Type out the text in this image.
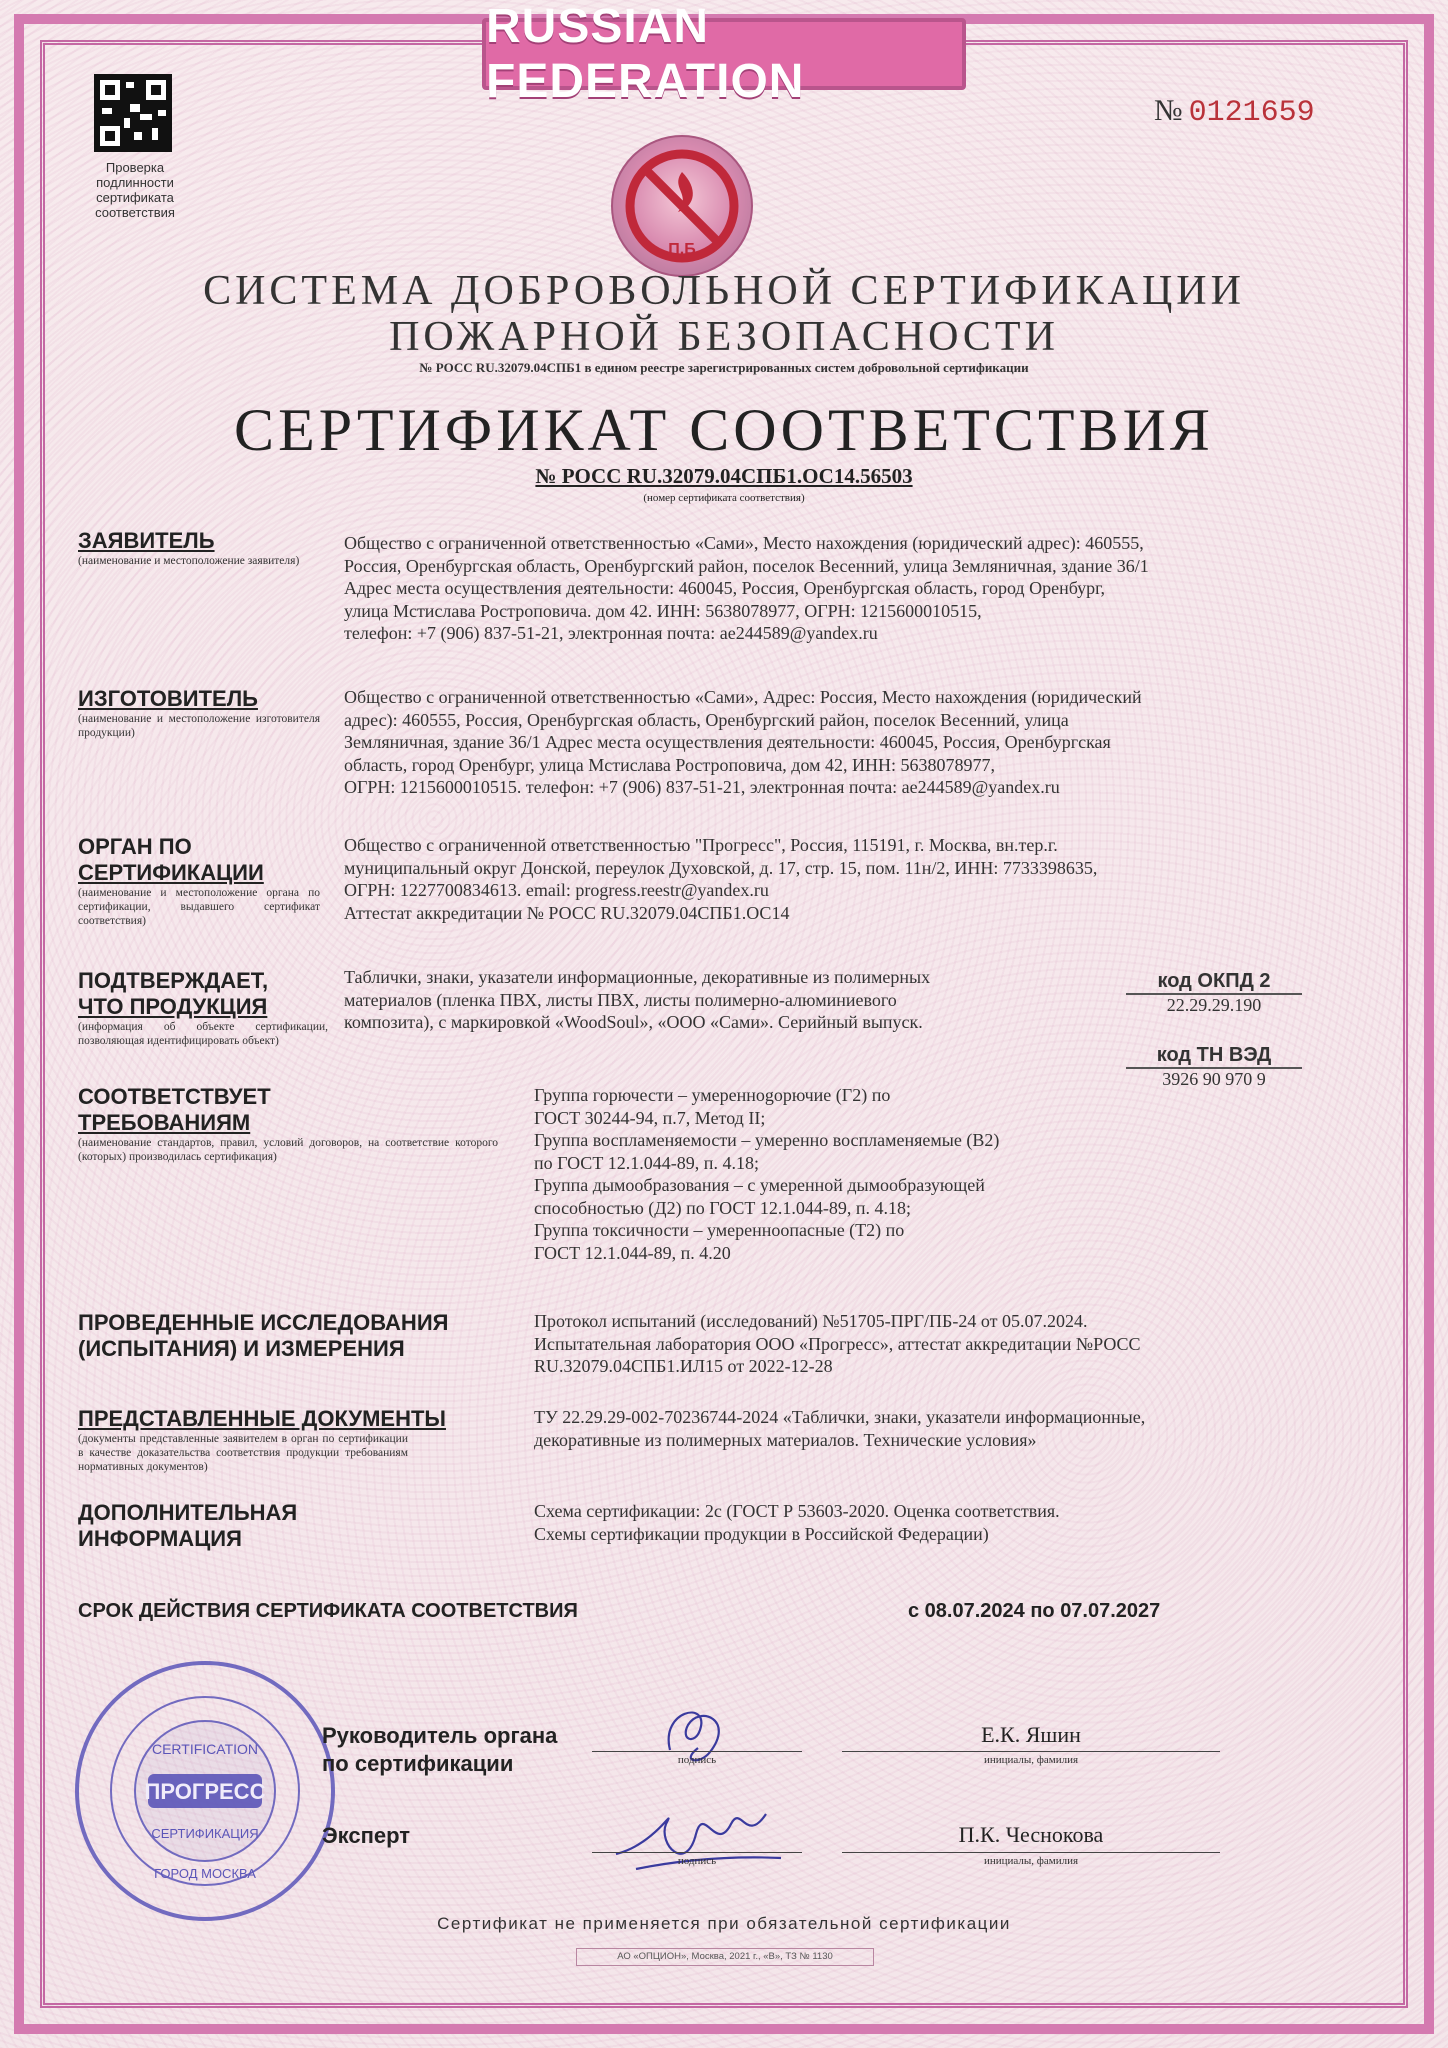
RUSSIAN FEDERATION
№ 0121659
Проверка подлинности сертификата соответствия
П.Б
СИСТЕМА ДОБРОВОЛЬНОЙ СЕРТИФИКАЦИИ
ПОЖАРНОЙ БЕЗОПАСНОСТИ
№ РОСС RU.32079.04СПБ1 в едином реестре зарегистрированных систем добровольной сертификации
СЕРТИФИКАТ СООТВЕТСТВИЯ
№ РОСС RU.32079.04СПБ1.ОС14.56503
(номер сертификата соответствия)
ЗАЯВИТЕЛЬ
(наименование и местоположение заявителя)
Общество с ограниченной ответственностью «Сами», Место нахождения (юридический адрес): 460555,
Россия, Оренбургская область, Оренбургский район, поселок Весенний, улица Земляничная, здание 36/1
Адрес места осуществления деятельности: 460045, Россия, Оренбургская область, город Оренбург,
улица Мстислава Ростроповича. дом 42. ИНН: 5638078977, ОГРН: 1215600010515,
телефон: +7 (906) 837-51-21, электронная почта: ae244589@yandex.ru
ИЗГОТОВИТЕЛЬ
(наименование и местоположение изготовителя продукции)
Общество с ограниченной ответственностью «Сами», Адрес: Россия, Место нахождения (юридический
адрес): 460555, Россия, Оренбургская область, Оренбургский район, поселок Весенний, улица
Земляничная, здание 36/1 Адрес места осуществления деятельности: 460045, Россия, Оренбургская
область, город Оренбург, улица Мстислава Ростроповича, дом 42, ИНН: 5638078977,
ОГРН: 1215600010515. телефон: +7 (906) 837-51-21, электронная почта: ae244589@yandex.ru
ОРГАН ПО
СЕРТИФИКАЦИИ
(наименование и местоположение органа по сертификации, выдавшего сертификат соответствия)
Общество с ограниченной ответственностью "Прогресс", Россия, 115191, г. Москва, вн.тер.г.
муниципальный округ Донской, переулок Духовской, д. 17, стр. 15, пом. 11н/2, ИНН: 7733398635,
ОГРН: 1227700834613. email: progress.reestr@yandex.ru
Аттестат аккредитации № РОСС RU.32079.04СПБ1.ОС14
ПОДТВЕРЖДАЕТ,
ЧТО ПРОДУКЦИЯ
(информация об объекте сертификации, позволяющая идентифицировать объект)
Таблички, знаки, указатели информационные, декоративные из полимерных
материалов (пленка ПВХ, листы ПВХ, листы полимерно-алюминиевого
композита), с маркировкой «WoodSoul», «ООО «Сами». Серийный выпуск.
код ОКПД 2
22.29.29.190
код ТН ВЭД
3926 90 970 9
СООТВЕТСТВУЕТ
ТРЕБОВАНИЯМ
(наименование стандартов, правил, условий договоров, на соответствие которого (которых) производилась сертификация)
Группа горючести – умереннogoрючие (Г2) по
ГОСТ 30244-94, п.7, Метод II;
Группа воспламеняемости – умеренно воспламеняемые (В2)
по ГОСТ 12.1.044-89, п. 4.18;
Группа дымообразования – с умеренной дымообразующей
способностью (Д2) по ГОСТ 12.1.044-89, п. 4.18;
Группа токсичности – умеренноопасные (Т2) по
ГОСТ 12.1.044-89, п. 4.20
ПРОВЕДЕННЫЕ ИССЛЕДОВАНИЯ
(ИСПЫТАНИЯ) И ИЗМЕРЕНИЯ
Протокол испытаний (исследований) №51705-ПРГ/ПБ-24 от 05.07.2024.
Испытательная лаборатория ООО «Прогресс», аттестат аккредитации №РОСС
RU.32079.04СПБ1.ИЛ15 от 2022-12-28
ПРЕДСТАВЛЕННЫЕ ДОКУМЕНТЫ
(документы представленные заявителем в орган по сертификации в качестве доказательства соответствия продукции требованиям нормативных документов)
ТУ 22.29.29-002-70236744-2024 «Таблички, знаки, указатели информационные,
декоративные из полимерных материалов. Технические условия»
ДОПОЛНИТЕЛЬНАЯ
ИНФОРМАЦИЯ
Схема сертификации: 2с (ГОСТ Р 53603-2020. Оценка соответствия.
Схемы сертификации продукции в Российской Федерации)
СРОК ДЕЙСТВИЯ СЕРТИФИКАТА СООТВЕТСТВИЯ	с 08.07.2024 по 07.07.2027
ПРОГРЕСС
CERTIFICATION
СЕРТИФИКАЦИЯ
ГОРОД МОСКВА
Руководитель органа
по сертификации	подпись
Е.К. Яшин
инициалы, фамилия
Эксперт
подпись
П.К. Чеснокова
инициалы, фамилия
Сертификат не применяется при обязательной сертификации
АО «ОПЦИОН», Москва, 2021 г., «В», ТЗ № 1130
